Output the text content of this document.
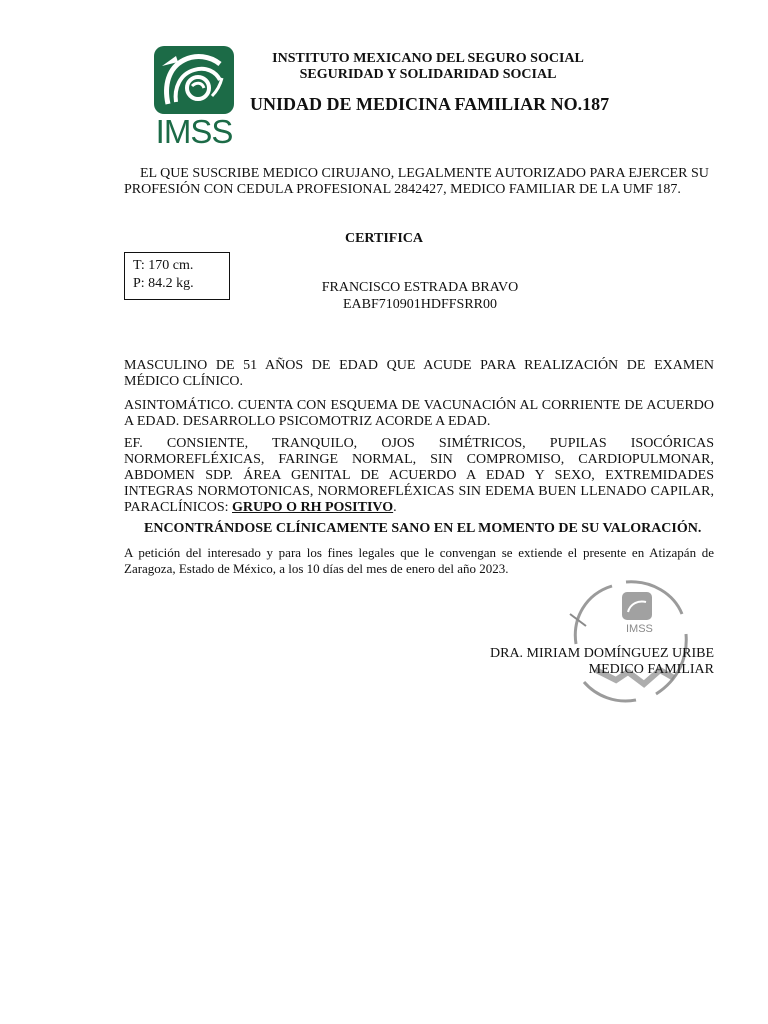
IMSS
INSTITUTO MEXICANO DEL SEGURO SOCIAL
SEGURIDAD Y SOLIDARIDAD SOCIAL
UNIDAD DE MEDICINA FAMILIAR NO.187
EL QUE SUSCRIBE MEDICO CIRUJANO, LEGALMENTE AUTORIZADO PARA EJERCER SU PROFESIÓN CON CEDULA PROFESIONAL 2842427, MEDICO FAMILIAR DE LA UMF 187.
CERTIFICA
T: 170 cm.
P: 84.2 kg.	FRANCISCO ESTRADA BRAVO
EABF710901HDFFSRR00
MASCULINO DE 51 AÑOS DE EDAD QUE ACUDE PARA REALIZACIÓN DE EXAMEN MÉDICO CLÍNICO.
ASINTOMÁTICO. CUENTA CON ESQUEMA DE VACUNACIÓN AL CORRIENTE DE ACUERDO A EDAD. DESARROLLO PSICOMOTRIZ ACORDE A EDAD.
EF. CONSIENTE, TRANQUILO, OJOS SIMÉTRICOS, PUPILAS ISOCÓRICAS NORMOREFLÉXICAS, FARINGE NORMAL, SIN COMPROMISO, CARDIOPULMONAR, ABDOMEN SDP. ÁREA GENITAL DE ACUERDO A EDAD Y SEXO, EXTREMIDADES INTEGRAS NORMOTONICAS, NORMOREFLÉXICAS SIN EDEMA BUEN LLENADO CAPILAR, PARACLÍNICOS: GRUPO O RH POSITIVO.
ENCONTRÁNDOSE CLÍNICAMENTE SANO EN EL MOMENTO DE SU VALORACIÓN.
A petición del interesado y para los fines legales que le convengan se extiende el presente en Atizapán de Zaragoza, Estado de México, a los 10 días del mes de enero del año 2023.
IMSS
DRA. MIRIAM DOMÍNGUEZ URIBE
MEDICO FAMILIAR
